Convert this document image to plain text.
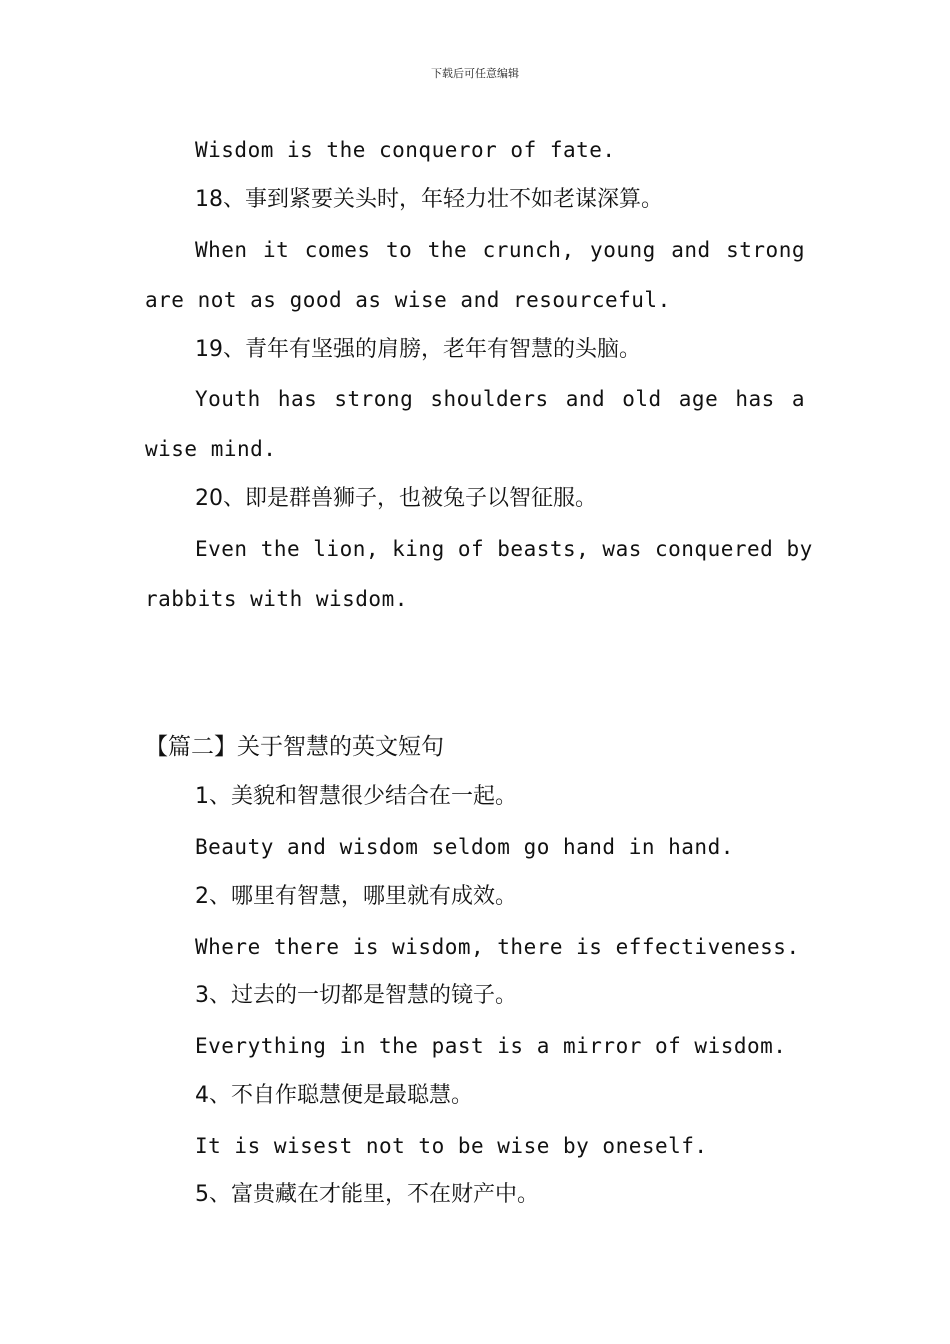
下载后可任意编辑
Wisdom is the conqueror of fate.
18、事到紧要关头时，年轻力壮不如老谋深算。
When it comes to the crunch, young and strong
are not as good as wise and resourceful.
19、青年有坚强的肩膀，老年有智慧的头脑。
Youth has strong shoulders and old age has a
wise mind.
20、即是群兽狮子，也被兔子以智征服。
Even the lion, king of beasts, was conquered by
rabbits with wisdom.
【篇二】关于智慧的英文短句
1、美貌和智慧很少结合在一起。
Beauty and wisdom seldom go hand in hand.
2、哪里有智慧，哪里就有成效。
Where there is wisdom, there is effectiveness.
3、过去的一切都是智慧的镜子。
Everything in the past is a mirror of wisdom.
4、不自作聪慧便是最聪慧。
It is wisest not to be wise by oneself.
5、富贵藏在才能里，不在财产中。
